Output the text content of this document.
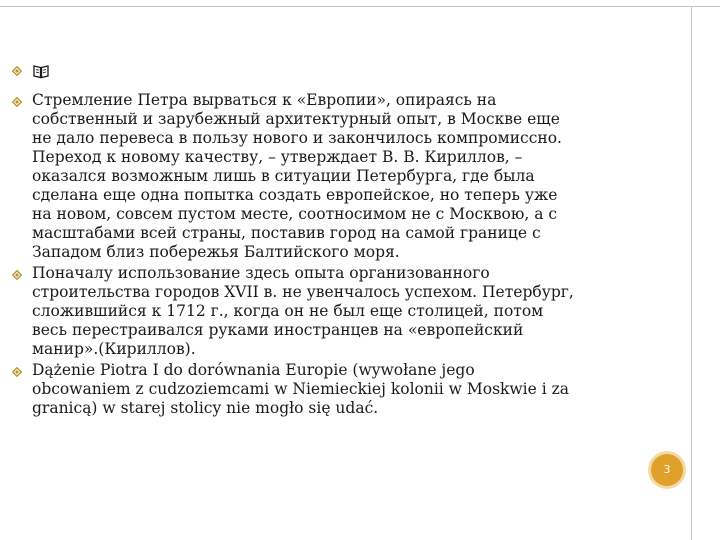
Стремление Петра вырваться к «Европии», опираясь на
собственный и зарубежный архитектурный опыт, в Москве еще
не дало перевеса в пользу нового и закончилось компромиссно.
Переход к новому качеству, – утверждает В. В. Кириллов, –
оказался возможным лишь в ситуации Петербурга, где была
сделана еще одна попытка создать европейское, но теперь уже
на новом, совсем пустом месте, соотносимом не с Москвою, а с
масштабами всей страны, поставив город на самой границе с
Западом близ побережья Балтийского моря.
Поначалу использование здесь опыта организованного
строительства городов XVII в. не увенчалось успехом. Петербург,
сложившийся к 1712 г., когда он не был еще столицей, потом
весь перестраивался руками иностранцев на «европейский
манир».(Кириллов).
Dążenie Piotra I do dorównania Europie (wywołane jego
obcowaniem z cudzoziemcami w Niemieckiej kolonii w Moskwie i za
granicą) w starej stolicy nie mogło się udać.
3
